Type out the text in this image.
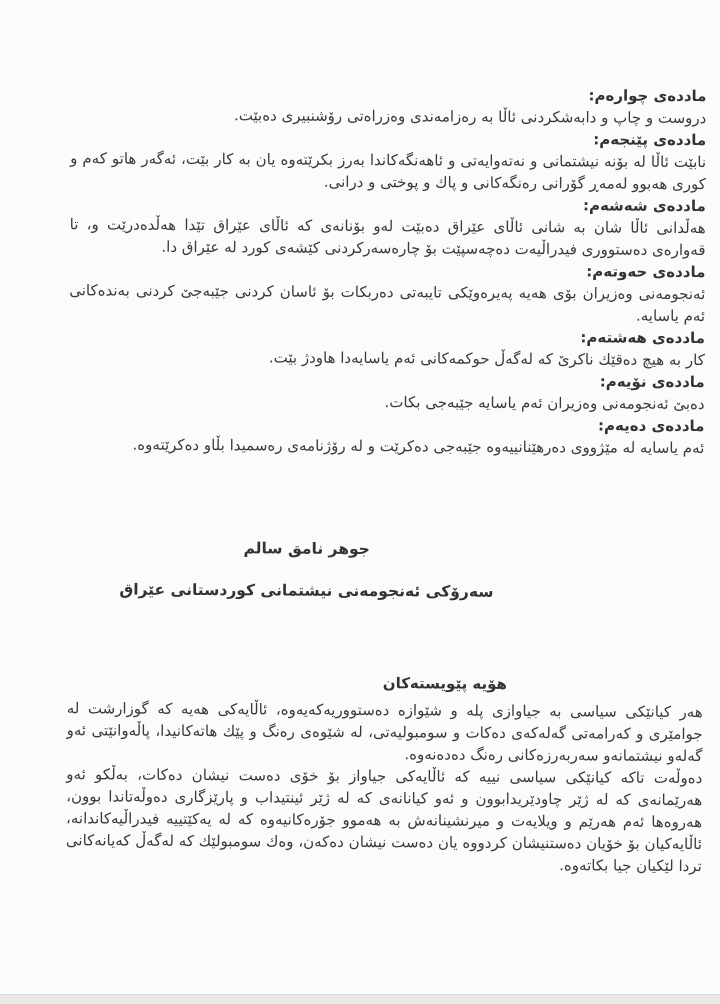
ماددەی چوارەم:

دروست و چاپ و دابەشکردنی ئاڵا بە رەزامەندی وەزراەتی رۆشنبیری دەبێت.

ماددەی پێنجەم:

نابێت ئاڵا لە بۆنە نیشتمانی و نەتەوایەتی و ئاھەنگەکاندا بەرز بکرێتەوە یان بە کار بێت، ئەگەر ھاتو کەم و کوری ھەبوو لەمەڕ گۆرانی رەنگەکانی و پاك و پوختی و درانی.

ماددەی شەشەم:

ھەڵدانی ئاڵا شان بە شانی ئاڵای عێراق دەبێت لەو بۆنانەی کە ئاڵای عێراق تێدا ھەڵدەدرێت و، تا قەوارەی دەستووری فیدراڵیەت دەچەسپێت بۆ چارەسەرکردنی کێشەی کورد لە عێراق دا.

ماددەی حەوتەم:

ئەنجومەنی وەزیران بۆی ھەیە پەیرەوێکی تایبەتی دەربکات بۆ ئاسان کردنی جێبەجێ کردنی بەندەکانی ئەم یاسایە.

ماددەی ھەشتەم:

کار بە ھیچ دەقێك ناکرێ کە لەگەڵ حوکمەکانی ئەم یاسایەدا ھاودژ بێت.

ماددەی نۆیەم:

دەبێ ئەنجومەنی وەزیران ئەم یاسایە جێبەجی بکات.

ماددەی دەیەم:

ئەم یاسایە لە مێژووی دەرھێنانییەوە جێبەجی دەکرێت و لە رۆژنامەی رەسمیدا بڵاو دەکرێتەوە.

جوھر نامق سالم
سەرۆکی ئەنجومەنی نیشتمانی کوردستانی عێراق
ھۆیە پێویستەکان

ھەر کیانێکی سیاسی بە جیاوازی پلە و شێوازە دەستووریەکەیەوە، ئاڵایەکی ھەیە کە گوزارشت لە جوامێری و کەرامەتی گەلەکەی دەکات و سومبولیەتی، لە شێوەی رەنگ و پێك ھاتەکانیدا، پاڵەوانێتی ئەو گەلەو نیشتمانەو سەربەرزەکانی رەنگ دەدەنەوە.

دەوڵەت تاکە کیانێکی سیاسی نییە کە ئاڵایەکی جیاواز بۆ خۆی دەست نیشان دەکات، بەڵکو ئەو ھەرێمانەی کە لە ژێر چاودێریدابوون و ئەو کیانانەی کە لە ژێر ئینتیداب و پارێزگاری دەوڵەتاندا بوون، ھەروەھا ئەم ھەرێم و ویلایەت و میرنشینانەش بە ھەموو جۆرەکانیەوە کە لە یەکێتییە فیدراڵیەکاندانە، ئاڵایەکیان بۆ خۆیان دەستنیشان کردووە یان دەست نیشان دەکەن، وەك سومبولێك کە لەگەڵ کەیانەکانی تردا لێکیان جیا بکاتەوە.
